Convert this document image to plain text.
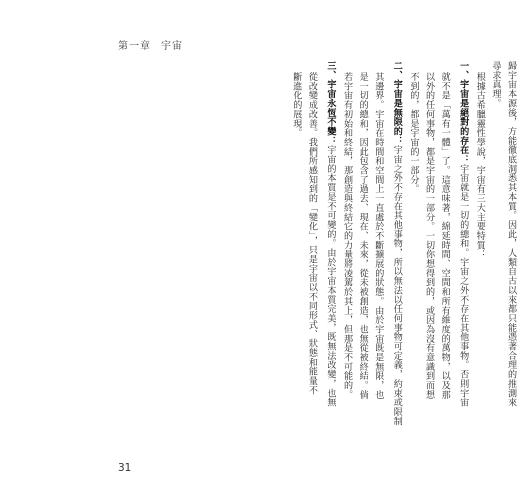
第一章 宇宙

歸宇宙本源後，方能徹底洞悉其本質。因此，人類自古以來都只能憑著合理的推測來

尋求真理。

根據古希臘靈性學說，宇宙有三大主要特質：

一、宇宙是絕對的存在：宇宙就是一切的總和。宇宙之外不存在其他事物。否則宇宙

就不是「萬有一體」了。這意味著，綿延時間、空間和所有維度的萬物，以及那

以外的任何事物，都是宇宙的一部分。一切你想得到的，或因為沒有意識到而想

不到的，都是宇宙的一部分。

二、宇宙是無限的：宇宙之外不存在其他事物，所以無法以任何事物可定義，約束或限制

其邊界。宇宙在時間和空間上一直處於不斷擴展的狀態。由於宇宙既是無限，也

是一切的總和，因此包含了過去、現在、未來，從未被創造，也無從被終結。倘

若宇宙有初始和終結，那創造與終結它的力量將凌駕於其上，但那是不可能的。

三、宇宙永恆不變：宇宙的本質是不可變的。由於宇宙本質完美，既無法改變，也無

從改變成改善。我們所感知到的「變化」，只是宇宙以不同形式、狀態和能量不

斷進化的展現。

31
